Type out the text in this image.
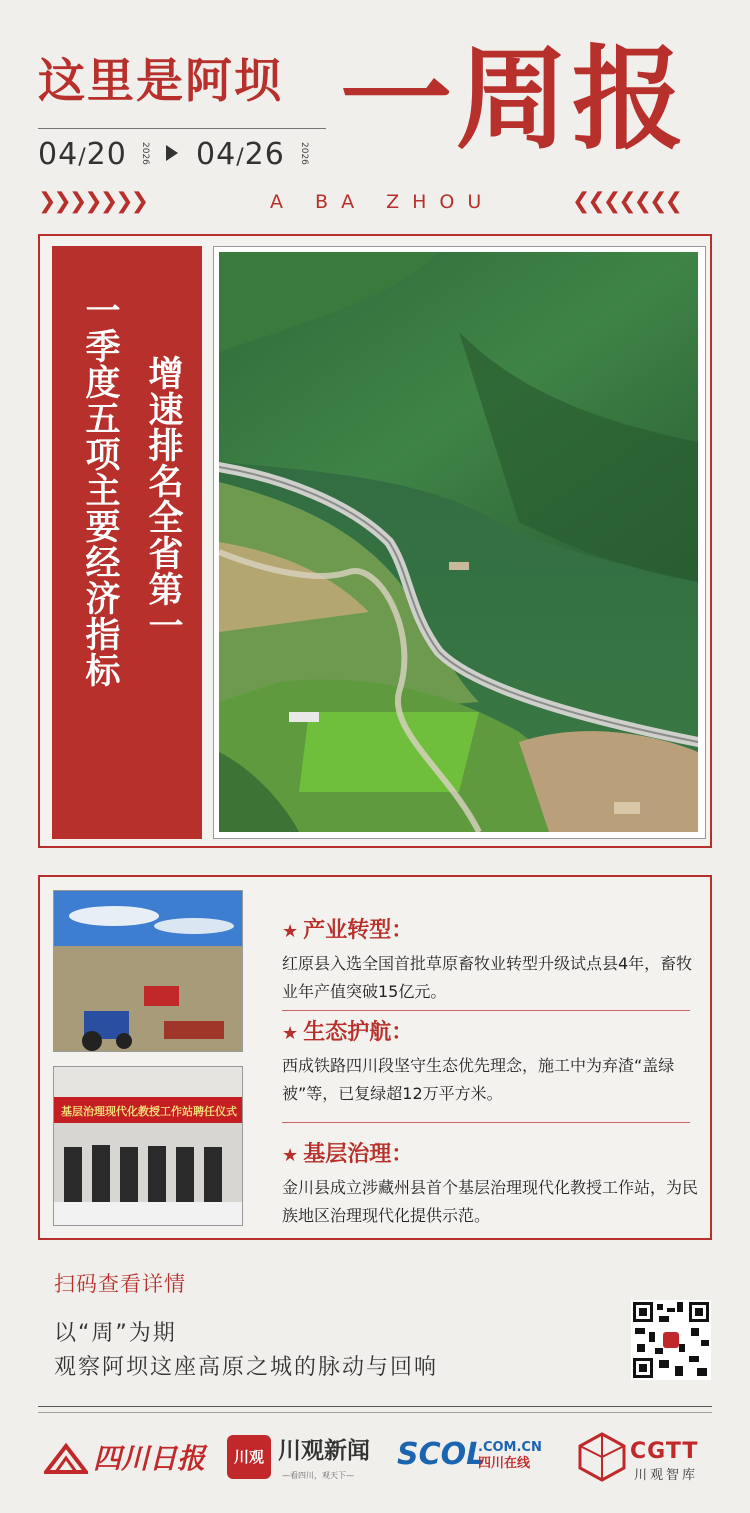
这里是阿坝 一周报
04/20 2026 04/26 2026
❯❯❯❯❯❯❯	A BA ZHOU	❮❮❮❮❮❮❮
增速排名全省第一
一季度五项主要经济指标
基层治理现代化教授工作站聘任仪式
★ 产业转型：
红原县入选全国首批草原畜牧业转型升级试点县4年，畜牧业年产值突破15亿元。
★ 生态护航：
西成铁路四川段坚守生态优先理念，施工中为弃渣“盖绿被”等，已复绿超12万平方米。
★ 基层治理：
金川县成立涉藏州县首个基层治理现代化教授工作站，为民族地区治理现代化提供示范。
扫码查看详情
以“周”为期
观察阿坝这座高原之城的脉动与回响
四川日报	川观 川观新闻
—看四川，观天下—
SCOL
.COM.CN
四川在线	CGTT
川观智库
